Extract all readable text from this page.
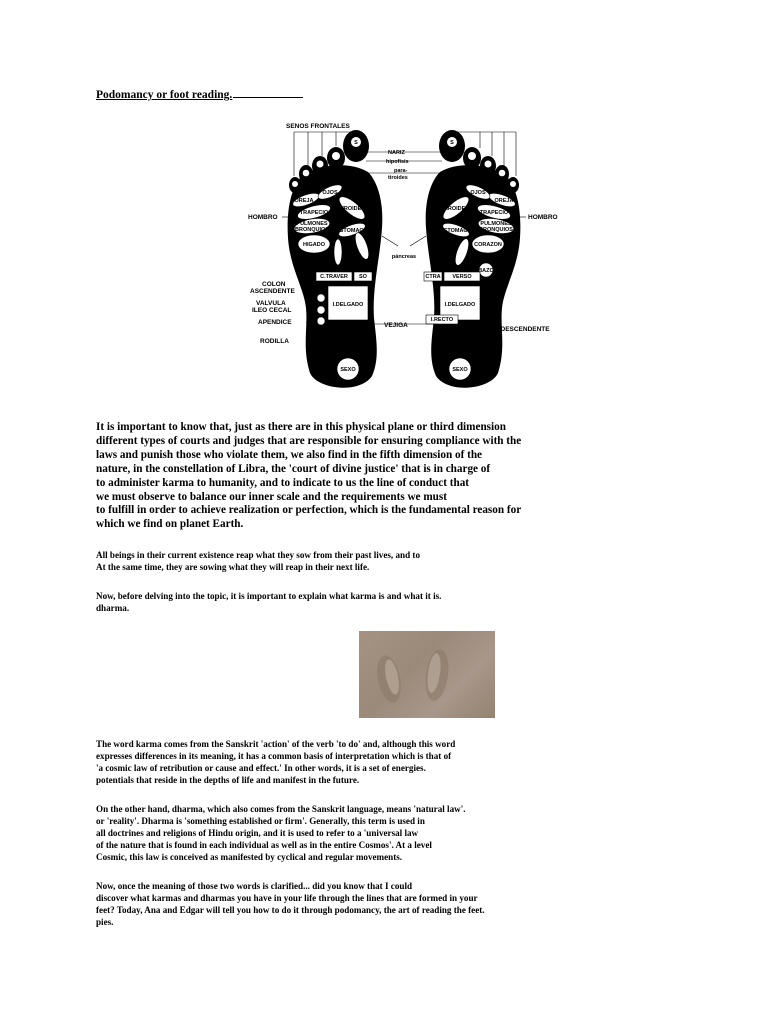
Podomancy or foot reading.
S	S
SENOS FRONTALES
NARIZ
hipofisis
para-
tiroides
HOMBRO	HOMBRO
OREJA
OJOS
TRAPECIO
TIROIDES
PULMONES
BRONQUIOS ESTOMAGO
HIGADO
C.TRAVER SO
I.DELGADO
SEXO
OREJA
OJOS
TRAPECIO
TIROIDES
PULMONES
BRONQUIOS
ESTOMAGO
CORAZON
BAZO
CTRA VERSO
I.DELGADO
I.RECTO
SEXO
páncreas
COLON
ASCENDENTE
VALVULA
ILEO CECAL
APENDICE
RODILLA
VEJIGA
C.DESCENDENTE
It is important to know that, just as there are in this physical plane or third dimension
different types of courts and judges that are responsible for ensuring compliance with the
laws and punish those who violate them, we also find in the fifth dimension of the
nature, in the constellation of Libra, the 'court of divine justice' that is in charge of
to administer karma to humanity, and to indicate to us the line of conduct that
we must observe to balance our inner scale and the requirements we must
to fulfill in order to achieve realization or perfection, which is the fundamental reason for
which we find on planet Earth.
All beings in their current existence reap what they sow from their past lives, and to
At the same time, they are sowing what they will reap in their next life.
Now, before delving into the topic, it is important to explain what karma is and what it is.
dharma.
The word karma comes from the Sanskrit 'action' of the verb 'to do' and, although this word
expresses differences in its meaning, it has a common basis of interpretation which is that of
'a cosmic law of retribution or cause and effect.' In other words, it is a set of energies.
potentials that reside in the depths of life and manifest in the future.
On the other hand, dharma, which also comes from the Sanskrit language, means 'natural law'.
or 'reality'. Dharma is 'something established or firm'. Generally, this term is used in
all doctrines and religions of Hindu origin, and it is used to refer to a 'universal law
of the nature that is found in each individual as well as in the entire Cosmos'. At a level
Cosmic, this law is conceived as manifested by cyclical and regular movements.
Now, once the meaning of those two words is clarified... did you know that I could
discover what karmas and dharmas you have in your life through the lines that are formed in your
feet? Today, Ana and Edgar will tell you how to do it through podomancy, the art of reading the feet.
pies.
